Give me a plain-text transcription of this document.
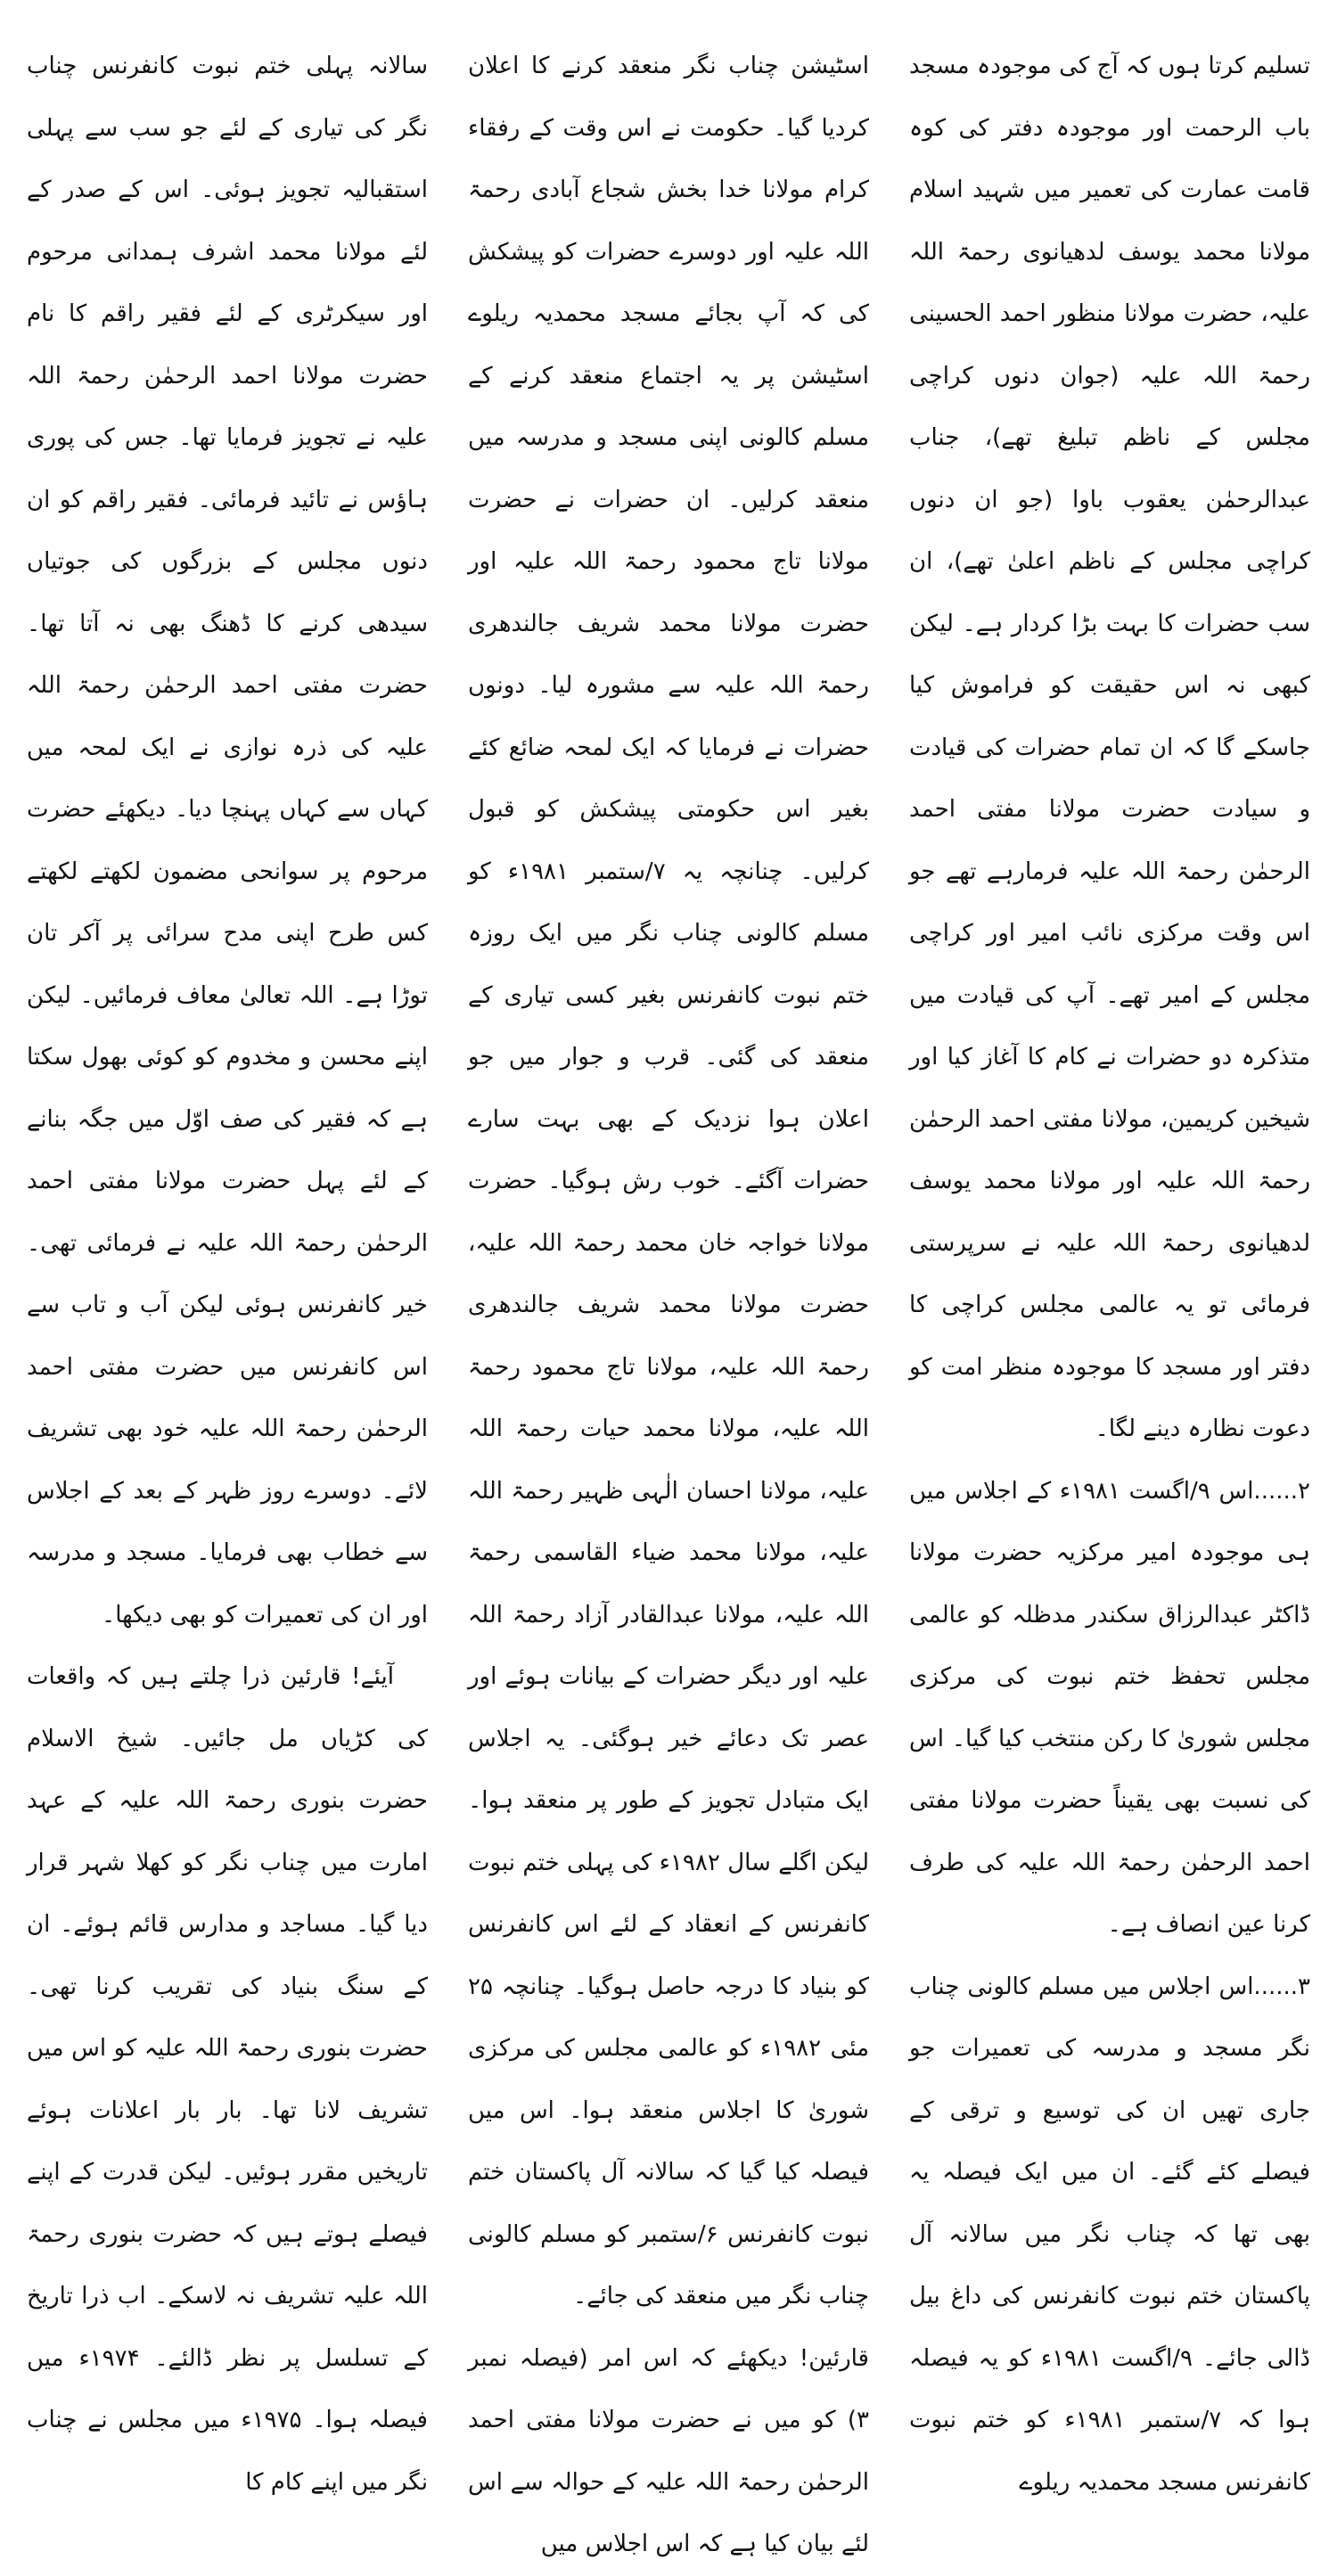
تسلیم کرتا ہوں کہ آج کی موجودہ مسجد باب الرحمت اور موجودہ دفتر کی کوہ قامت عمارت کی تعمیر میں شہید اسلام مولانا محمد یوسف لدھیانوی رحمۃ اللہ علیہ، حضرت مولانا منظور احمد الحسینی رحمۃ اللہ علیہ (جوان دنوں کراچی مجلس کے ناظم تبلیغ تھے)، جناب عبدالرحمٰن یعقوب باوا (جو ان دنوں کراچی مجلس کے ناظم اعلیٰ تھے)، ان سب حضرات کا بہت بڑا کردار ہے۔ لیکن کبھی نہ اس حقیقت کو فراموش کیا جاسکے گا کہ ان تمام حضرات کی قیادت و سیادت حضرت مولانا مفتی احمد الرحمٰن رحمۃ اللہ علیہ فرمارہے تھے جو اس وقت مرکزی نائب امیر اور کراچی مجلس کے امیر تھے۔ آپ کی قیادت میں متذکرہ دو حضرات نے کام کا آغاز کیا اور شیخین کریمین، مولانا مفتی احمد الرحمٰن رحمۃ اللہ علیہ اور مولانا محمد یوسف لدھیانوی رحمۃ اللہ علیہ نے سرپرستی فرمائی تو یہ عالمی مجلس کراچی کا دفتر اور مسجد کا موجودہ منظر امت کو دعوت نظارہ دینے لگا۔

۲......اس ۹/اگست ۱۹۸۱ء کے اجلاس میں ہی موجودہ امیر مرکزیہ حضرت مولانا ڈاکٹر عبدالرزاق سکندر مدظلہ کو عالمی مجلس تحفظ ختم نبوت کی مرکزی مجلس شوریٰ کا رکن منتخب کیا گیا۔ اس کی نسبت بھی یقیناً حضرت مولانا مفتی احمد الرحمٰن رحمۃ اللہ علیہ کی طرف کرنا عین انصاف ہے۔

۳......اس اجلاس میں مسلم کالونی چناب نگر مسجد و مدرسہ کی تعمیرات جو جاری تھیں ان کی توسیع و ترقی کے فیصلے کئے گئے۔ ان میں ایک فیصلہ یہ بھی تھا کہ چناب نگر میں سالانہ آل پاکستان ختم نبوت کانفرنس کی داغ بیل ڈالی جائے۔ ۹/اگست ۱۹۸۱ء کو یہ فیصلہ ہوا کہ ۷/ستمبر ۱۹۸۱ء کو ختم نبوت کانفرنس مسجد محمدیہ ریلوے

اسٹیشن چناب نگر منعقد کرنے کا اعلان کردیا گیا۔ حکومت نے اس وقت کے رفقاء کرام مولانا خدا بخش شجاع آبادی رحمۃ اللہ علیہ اور دوسرے حضرات کو پیشکش کی کہ آپ بجائے مسجد محمدیہ ریلوے اسٹیشن پر یہ اجتماع منعقد کرنے کے مسلم کالونی اپنی مسجد و مدرسہ میں منعقد کرلیں۔ ان حضرات نے حضرت مولانا تاج محمود رحمۃ اللہ علیہ اور حضرت مولانا محمد شریف جالندھری رحمۃ اللہ علیہ سے مشورہ لیا۔ دونوں حضرات نے فرمایا کہ ایک لمحہ ضائع کئے بغیر اس حکومتی پیشکش کو قبول کرلیں۔ چنانچہ یہ ۷/ستمبر ۱۹۸۱ء کو مسلم کالونی چناب نگر میں ایک روزہ ختم نبوت کانفرنس بغیر کسی تیاری کے منعقد کی گئی۔ قرب و جوار میں جو اعلان ہوا نزدیک کے بھی بہت سارے حضرات آگئے۔ خوب رش ہوگیا۔ حضرت مولانا خواجہ خان محمد رحمۃ اللہ علیہ، حضرت مولانا محمد شریف جالندھری رحمۃ اللہ علیہ، مولانا تاج محمود رحمۃ اللہ علیہ، مولانا محمد حیات رحمۃ اللہ علیہ، مولانا احسان الٰہی ظہیر رحمۃ اللہ علیہ، مولانا محمد ضیاء القاسمی رحمۃ اللہ علیہ، مولانا عبدالقادر آزاد رحمۃ اللہ علیہ اور دیگر حضرات کے بیانات ہوئے اور عصر تک دعائے خیر ہوگئی۔ یہ اجلاس ایک متبادل تجویز کے طور پر منعقد ہوا۔ لیکن اگلے سال ۱۹۸۲ء کی پہلی ختم نبوت کانفرنس کے انعقاد کے لئے اس کانفرنس کو بنیاد کا درجہ حاصل ہوگیا۔ چنانچہ ۲۵ مئی ۱۹۸۲ء کو عالمی مجلس کی مرکزی شوریٰ کا اجلاس منعقد ہوا۔ اس میں فیصلہ کیا گیا کہ سالانہ آل پاکستان ختم نبوت کانفرنس ۶/ستمبر کو مسلم کالونی چناب نگر میں منعقد کی جائے۔

قارئین! دیکھئے کہ اس امر (فیصلہ نمبر ۳) کو میں نے حضرت مولانا مفتی احمد الرحمٰن رحمۃ اللہ علیہ کے حوالہ سے اس لئے بیان کیا ہے کہ اس اجلاس میں

سالانہ پہلی ختم نبوت کانفرنس چناب نگر کی تیاری کے لئے جو سب سے پہلی استقبالیہ تجویز ہوئی۔ اس کے صدر کے لئے مولانا محمد اشرف ہمدانی مرحوم اور سیکرٹری کے لئے فقیر راقم کا نام حضرت مولانا احمد الرحمٰن رحمۃ اللہ علیہ نے تجویز فرمایا تھا۔ جس کی پوری ہاؤس نے تائید فرمائی۔ فقیر راقم کو ان دنوں مجلس کے بزرگوں کی جوتیاں سیدھی کرنے کا ڈھنگ بھی نہ آتا تھا۔ حضرت مفتی احمد الرحمٰن رحمۃ اللہ علیہ کی ذرہ نوازی نے ایک لمحہ میں کہاں سے کہاں پہنچا دیا۔ دیکھئے حضرت مرحوم پر سوانحی مضمون لکھتے لکھتے کس طرح اپنی مدح سرائی پر آکر تان توڑا ہے۔ اللہ تعالیٰ معاف فرمائیں۔ لیکن اپنے محسن و مخدوم کو کوئی بھول سکتا ہے کہ فقیر کی صف اوّل میں جگہ بنانے کے لئے پہل حضرت مولانا مفتی احمد الرحمٰن رحمۃ اللہ علیہ نے فرمائی تھی۔ خیر کانفرنس ہوئی لیکن آب و تاب سے اس کانفرنس میں حضرت مفتی احمد الرحمٰن رحمۃ اللہ علیہ خود بھی تشریف لائے۔ دوسرے روز ظہر کے بعد کے اجلاس سے خطاب بھی فرمایا۔ مسجد و مدرسہ اور ان کی تعمیرات کو بھی دیکھا۔

آیئے! قارئین ذرا چلتے ہیں کہ واقعات کی کڑیاں مل جائیں۔ شیخ الاسلام حضرت بنوری رحمۃ اللہ علیہ کے عہد امارت میں چناب نگر کو کھلا شہر قرار دیا گیا۔ مساجد و مدارس قائم ہوئے۔ ان کے سنگ بنیاد کی تقریب کرنا تھی۔ حضرت بنوری رحمۃ اللہ علیہ کو اس میں تشریف لانا تھا۔ بار بار اعلانات ہوئے تاریخیں مقرر ہوئیں۔ لیکن قدرت کے اپنے فیصلے ہوتے ہیں کہ حضرت بنوری رحمۃ اللہ علیہ تشریف نہ لاسکے۔ اب ذرا تاریخ کے تسلسل پر نظر ڈالئے۔ ۱۹۷۴ء میں فیصلہ ہوا۔ ۱۹۷۵ء میں مجلس نے چناب نگر میں اپنے کام کا
